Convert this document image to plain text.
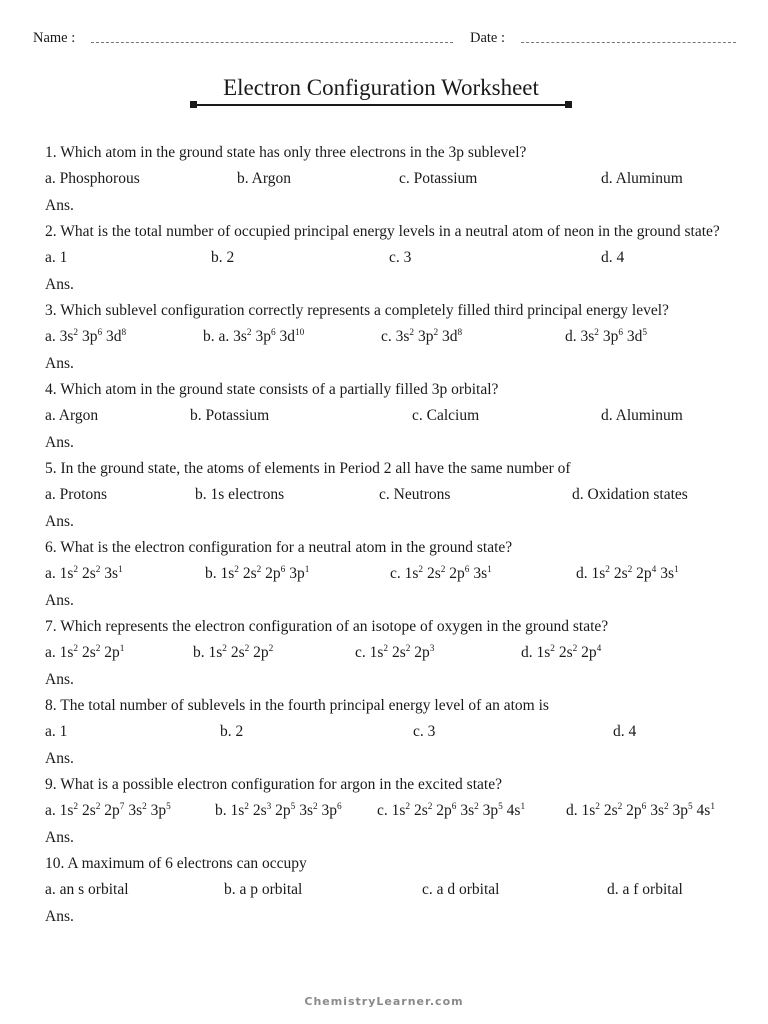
Name :	Date :
Electron Configuration Worksheet
1. Which atom in the ground state has only three electrons in the 3p sublevel?
a. Phosphorous	b. Argon	c. Potassium	d. Aluminum
Ans.
2. What is the total number of occupied principal energy levels in a neutral atom of neon in the ground state?
a. 1	b. 2	c. 3	d. 4
Ans.
3. Which sublevel configuration correctly represents a completely filled third principal energy level?
a. $3s^2$ $3p^6$ $3d^8$	b. a. $3s^2$ $3p^6$ $3d^{10}$	c. $3s^2$ $3p^2$ $3d^8$	d. $3s^2$ $3p^6$ $3d^5$
Ans.
4. Which atom in the ground state consists of a partially filled 3p orbital?
a. Argon	b. Potassium	c. Calcium	d. Aluminum
Ans.
5. In the ground state, the atoms of elements in Period 2 all have the same number of
a. Protons	b. 1s electrons	c. Neutrons	d. Oxidation states
Ans.
6. What is the electron configuration for a neutral atom in the ground state?
a. $1s^2$ $2s^2$ $3s^1$	b. $1s^2$ $2s^2$ $2p^6$ $3p^1$	c. $1s^2$ $2s^2$ $2p^6$ $3s^1$	d. $1s^2$ $2s^2$ $2p^4$ $3s^1$
Ans.
7. Which represents the electron configuration of an isotope of oxygen in the ground state?
a. $1s^2$ $2s^2$ $2p^1$	b. $1s^2$ $2s^2$ $2p^2$	c. $1s^2$ $2s^2$ $2p^3$	d. $1s^2$ $2s^2$ $2p^4$
Ans.
8. The total number of sublevels in the fourth principal energy level of an atom is
a. 1	b. 2	c. 3	d. 4
Ans.
9. What is a possible electron configuration for argon in the excited state?
a. $1s^2$ $2s^2$ $2p^7$ $3s^2$ $3p^5$	b. $1s^2$ $2s^3$ $2p^5$ $3s^2$ $3p^6$ c. $1s^2$ $2s^2$ $2p^6$ $3s^2$ $3p^5$ $4s^1$	d. $1s^2$ $2s^2$ $2p^6$ $3s^2$ $3p^5$ $4s^1$
Ans.
10. A maximum of 6 electrons can occupy
a. an s orbital	b. a p orbital	c. a d orbital	d. a f orbital
Ans.
ChemistryLearner.com
